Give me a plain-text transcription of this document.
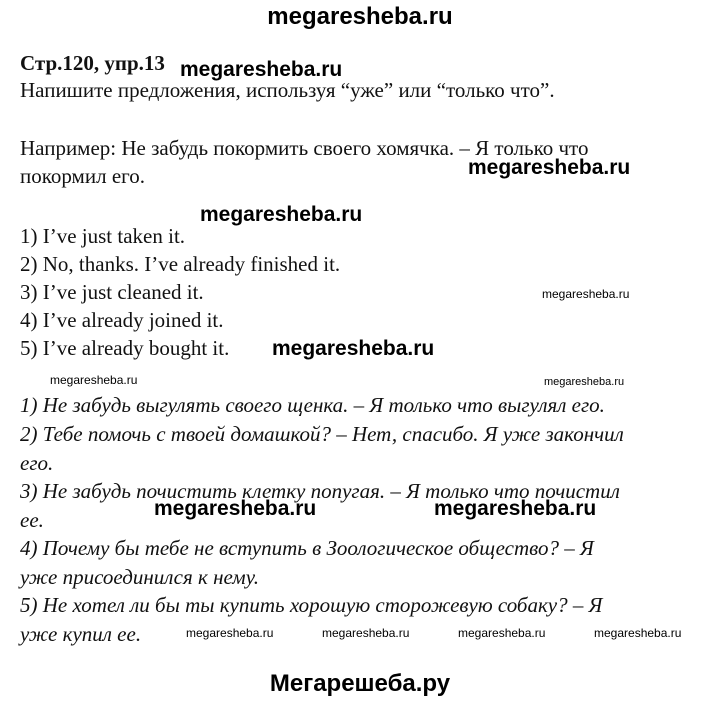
megaresheba.ru
megaresheba.ru
megaresheba.ru
megaresheba.ru
megaresheba.ru
megaresheba.ru
megaresheba.ru	megaresheba.ru
megaresheba.ru	megaresheba.ru
megaresheba.ru	megaresheba.ru	megaresheba.ru	megaresheba.ru
Стр.120, упр.13
Напишите предложения, используя “уже” или “только что”.
Например: Не забудь покормить своего хомячка. – Я только что
покормил его.
1) I’ve just taken it.
2) No, thanks. I’ve already finished it.
3) I’ve just cleaned it.
4) I’ve already joined it.
5) I’ve already bought it.
1) Не забудь выгулять своего щенка. – Я только что выгулял его.
2) Тебе помочь с твоей домашкой? – Нет, спасибо. Я уже закончил
его.
3) Не забудь почистить клетку попугая. – Я только что почистил
ее.
4) Почему бы тебе не вступить в Зоологическое общество? – Я
уже присоединился к нему.
5) Не хотел ли бы ты купить хорошую сторожевую собаку? – Я
уже купил ее.
Мегарешеба.ру
